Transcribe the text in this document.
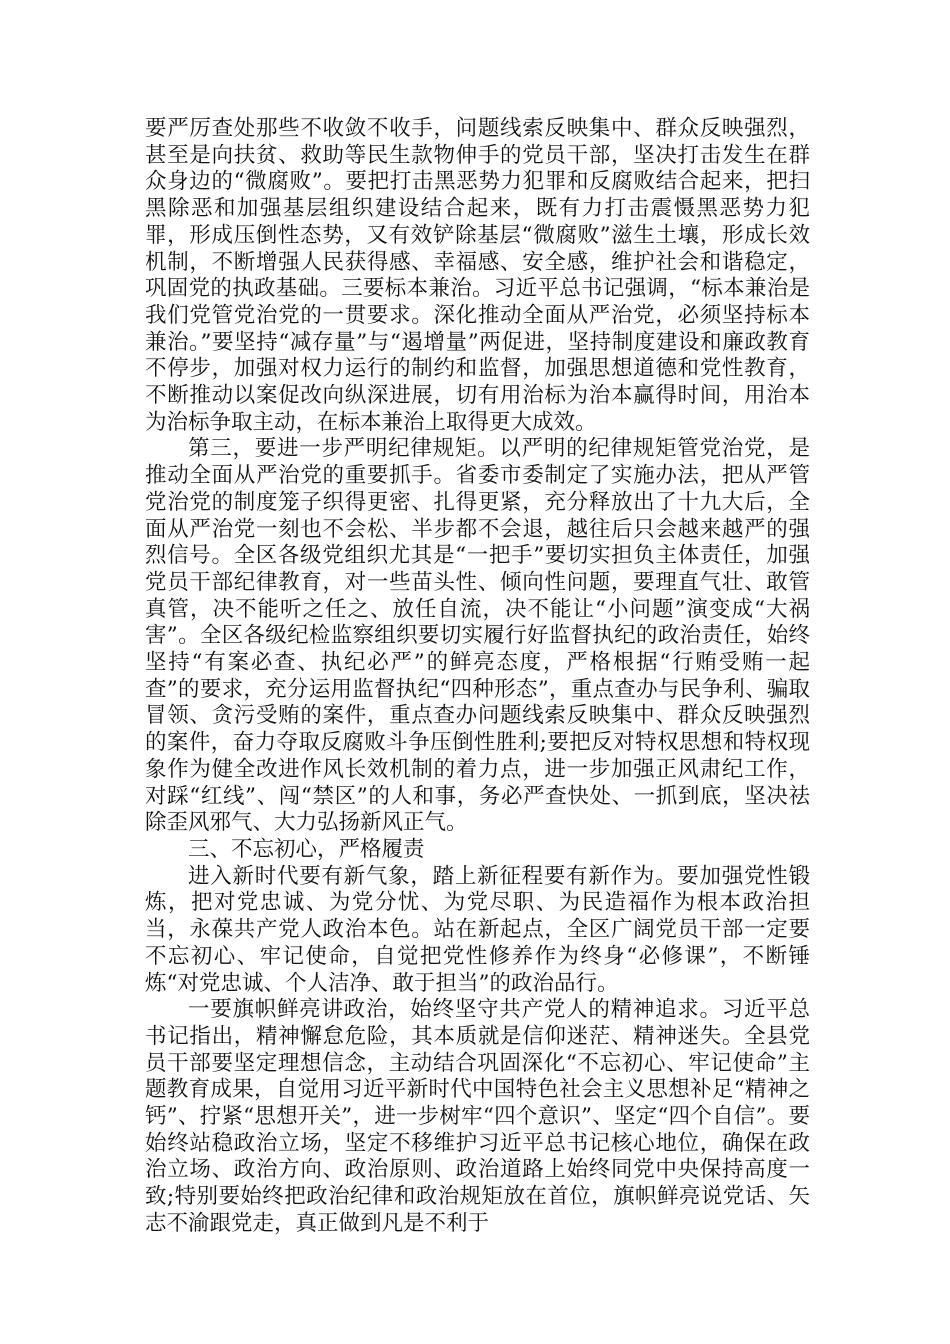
要严厉查处那些不收敛不收手，问题线索反映集中、群众反映强烈，甚至是向扶贫、救助等民生款物伸手的党员干部，坚决打击发生在群众身边的“微腐败”。要把打击黑恶势力犯罪和反腐败结合起来，把扫黑除恶和加强基层组织建设结合起来，既有力打击震慑黑恶势力犯罪，形成压倒性态势，又有效铲除基层“微腐败”滋生土壤，形成长效机制，不断增强人民获得感、幸福感、安全感，维护社会和谐稳定，巩固党的执政基础。三要标本兼治。习近平总书记强调，“标本兼治是我们党管党治党的一贯要求。深化推动全面从严治党，必须坚持标本兼治。”要坚持“减存量”与“遏增量”两促进，坚持制度建设和廉政教育不停步，加强对权力运行的制约和监督，加强思想道德和党性教育，不断推动以案促改向纵深进展，切有用治标为治本赢得时间，用治本为治标争取主动，在标本兼治上取得更大成效。

第三，要进一步严明纪律规矩。以严明的纪律规矩管党治党，是推动全面从严治党的重要抓手。省委市委制定了实施办法，把从严管党治党的制度笼子织得更密、扎得更紧，充分释放出了十九大后，全面从严治党一刻也不会松、半步都不会退，越往后只会越来越严的强烈信号。全区各级党组织尤其是“一把手”要切实担负主体责任，加强党员干部纪律教育，对一些苗头性、倾向性问题，要理直气壮、敢管真管，决不能听之任之、放任自流，决不能让“小问题”演变成“大祸害”。全区各级纪检监察组织要切实履行好监督执纪的政治责任，始终坚持“有案必查、执纪必严”的鲜亮态度，严格根据“行贿受贿一起查”的要求，充分运用监督执纪“四种形态”，重点查办与民争利、骗取冒领、贪污受贿的案件，重点查办问题线索反映集中、群众反映强烈的案件，奋力夺取反腐败斗争压倒性胜利;要把反对特权思想和特权现象作为健全改进作风长效机制的着力点，进一步加强正风肃纪工作，对踩“红线”、闯“禁区”的人和事，务必严查快处、一抓到底，坚决祛除歪风邪气、大力弘扬新风正气。

三、不忘初心，严格履责

进入新时代要有新气象，踏上新征程要有新作为。要加强党性锻炼，把对党忠诚、为党分忧、为党尽职、为民造福作为根本政治担当，永葆共产党人政治本色。站在新起点，全区广阔党员干部一定要不忘初心、牢记使命，自觉把党性修养作为终身“必修课”，不断锤炼“对党忠诚、个人洁净、敢于担当”的政治品行。

一要旗帜鲜亮讲政治，始终坚守共产党人的精神追求。习近平总书记指出，精神懈怠危险，其本质就是信仰迷茫、精神迷失。全县党员干部要坚定理想信念，主动结合巩固深化“不忘初心、牢记使命”主题教育成果，自觉用习近平新时代中国特色社会主义思想补足“精神之钙”、拧紧“思想开关”，进一步树牢“四个意识”、坚定“四个自信”。要始终站稳政治立场，坚定不移维护习近平总书记核心地位，确保在政治立场、政治方向、政治原则、政治道路上始终同党中央保持高度一致;特别要始终把政治纪律和政治规矩放在首位，旗帜鲜亮说党话、矢志不渝跟党走，真正做到凡是不利于
